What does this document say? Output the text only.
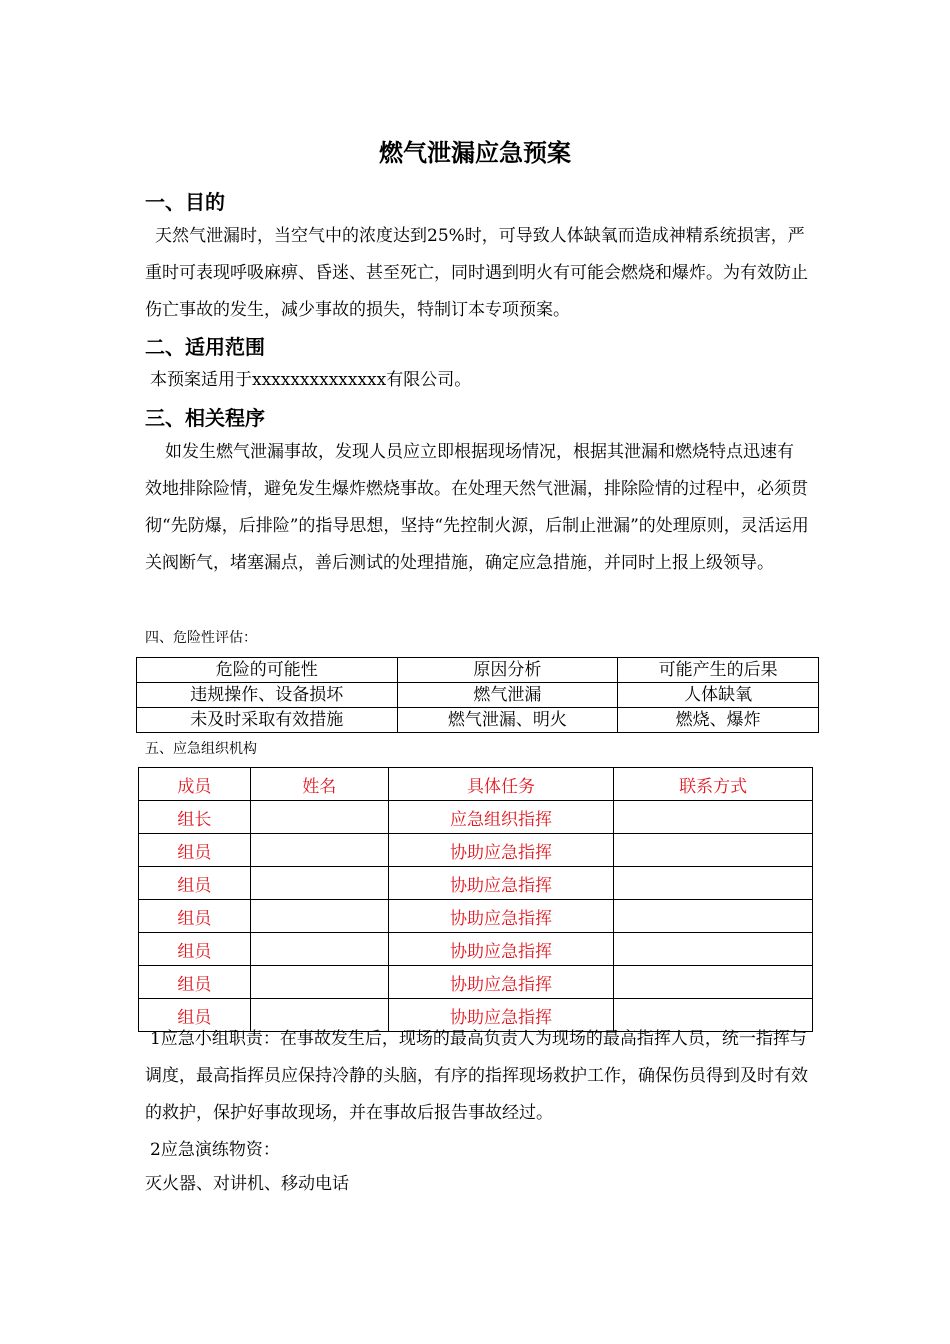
燃气泄漏应急预案
一、目的
天然气泄漏时，当空气中的浓度达到25%时，可导致人体缺氧而造成神精系统损害，严重时可表现呼吸麻痹、昏迷、甚至死亡，同时遇到明火有可能会燃烧和爆炸。为有效防止伤亡事故的发生，减少事故的损失，特制订本专项预案。
二、适用范围
本预案适用于xxxxxxxxxxxxxx有限公司。
三、相关程序
如发生燃气泄漏事故，发现人员应立即根据现场情况，根据其泄漏和燃烧特点迅速有效地排除险情，避免发生爆炸燃烧事故。在处理天然气泄漏，排除险情的过程中，必须贯彻“先防爆，后排险”的指导思想，坚持“先控制火源，后制止泄漏”的处理原则，灵活运用关阀断气，堵塞漏点，善后测试的处理措施，确定应急措施，并同时上报上级领导。
四、危险性评估：
危险的可能性	原因分析	可能产生的后果
违规操作、设备损坏	燃气泄漏	人体缺氧
未及时采取有效措施	燃气泄漏、明火	燃烧、爆炸
五、应急组织机构
成员	姓名	具体任务	联系方式
组长		应急组织指挥	
组员		协助应急指挥	
组员		协助应急指挥	
组员		协助应急指挥	
组员		协助应急指挥	
组员		协助应急指挥	
组员		协助应急指挥	
1应急小组职责：在事故发生后，现场的最高负责人为现场的最高指挥人员，统一指挥与调度，最高指挥员应保持冷静的头脑，有序的指挥现场救护工作，确保伤员得到及时有效的救护，保护好事故现场，并在事故后报告事故经过。
2应急演练物资：
灭火器、对讲机、移动电话
